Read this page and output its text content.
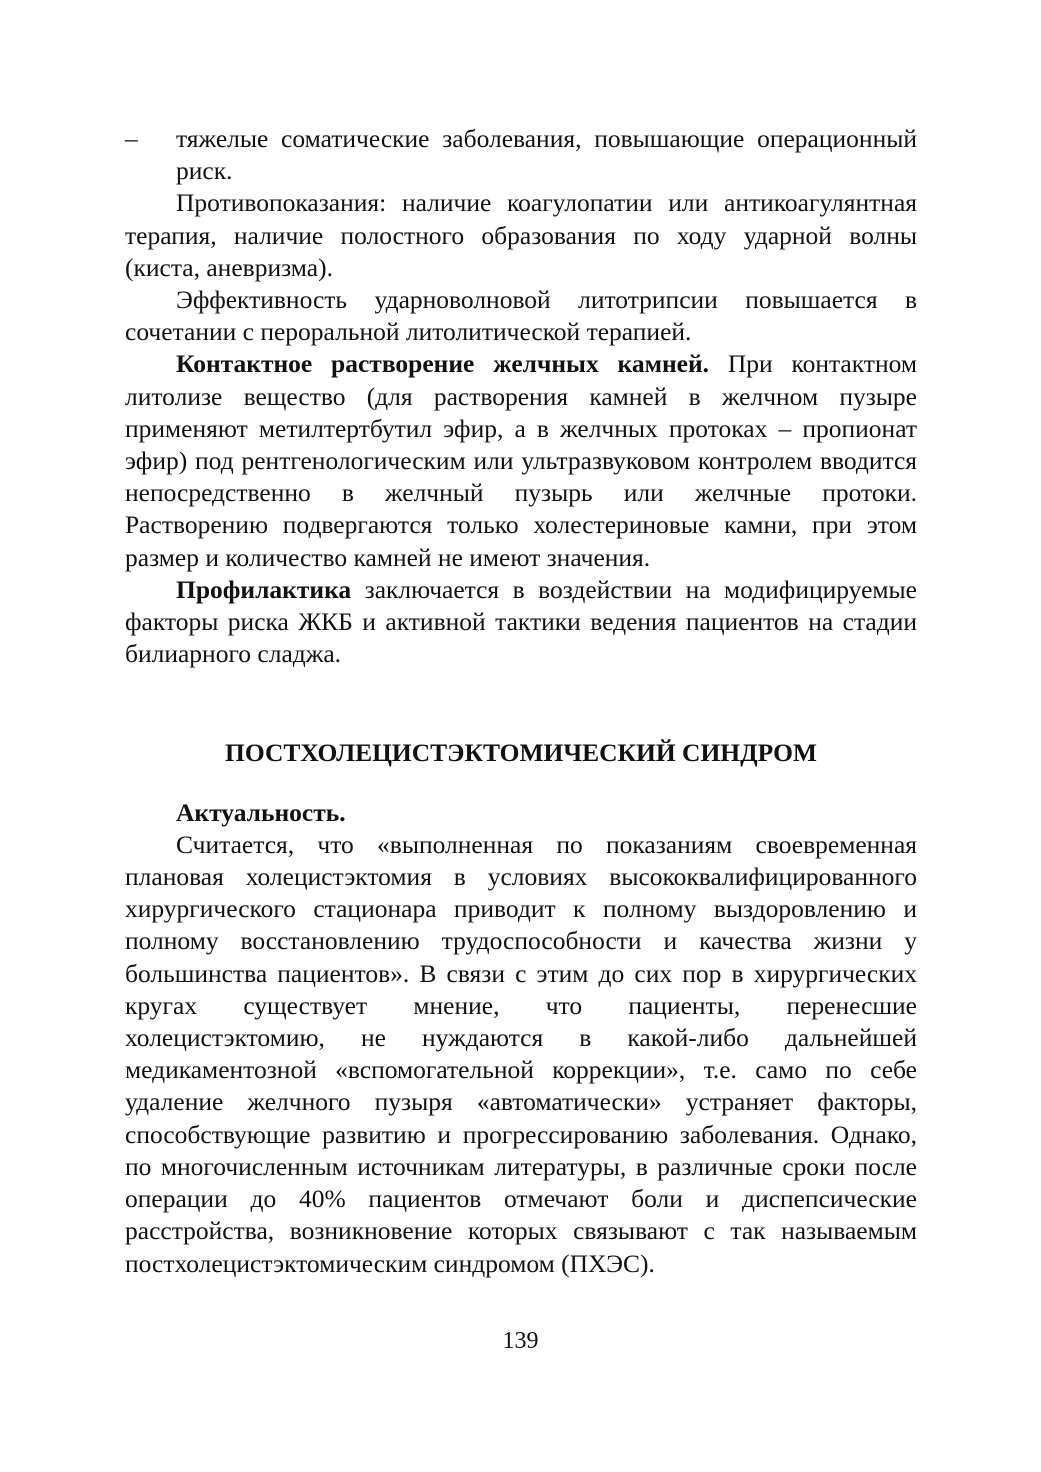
–	тяжелые соматические заболевания, повышающие операционный риск.

Противопоказания: наличие коагулопатии или антикоагулянтная терапия, наличие полостного образования по ходу ударной волны (киста, аневризма).

Эффективность ударноволновой литотрипсии повышается в сочетании с пероральной литолитической терапией.

Контактное растворение желчных камней. При контактном литолизе вещество (для растворения камней в желчном пузыре применяют метилтертбутил эфир, а в желчных протоках – пропионат эфир) под рентгенологическим или ультразвуковом контролем вводится непосредственно в желчный пузырь или желчные протоки. Растворению подвергаются только холестериновые камни, при этом размер и количество камней не имеют значения.

Профилактика заключается в воздействии на модифицируемые факторы риска ЖКБ и активной тактики ведения пациентов на стадии билиарного сладжа.

ПОСТХОЛЕЦИСТЭКТОМИЧЕСКИЙ СИНДРОМ

Актуальность.

Считается, что «выполненная по показаниям своевременная плановая холецистэктомия в условиях высококвалифицированного хирургического стационара приводит к полному выздоровлению и полному восстановлению трудоспособности и качества жизни у большинства пациентов». В связи с этим до сих пор в хирургических кругах существует мнение, что пациенты, перенесшие холецистэктомию, не нуждаются в какой-либо дальнейшей медикаментозной «вспомогательной коррекции», т.е. само по себе удаление желчного пузыря «автоматически» устраняет факторы, способствующие развитию и прогрессированию заболевания. Однако, по многочисленным источникам литературы, в различные сроки после операции до 40% пациентов отмечают боли и диспепсические расстройства, возникновение которых связывают с так называемым постхолецистэктомическим синдромом (ПХЭС).

139
